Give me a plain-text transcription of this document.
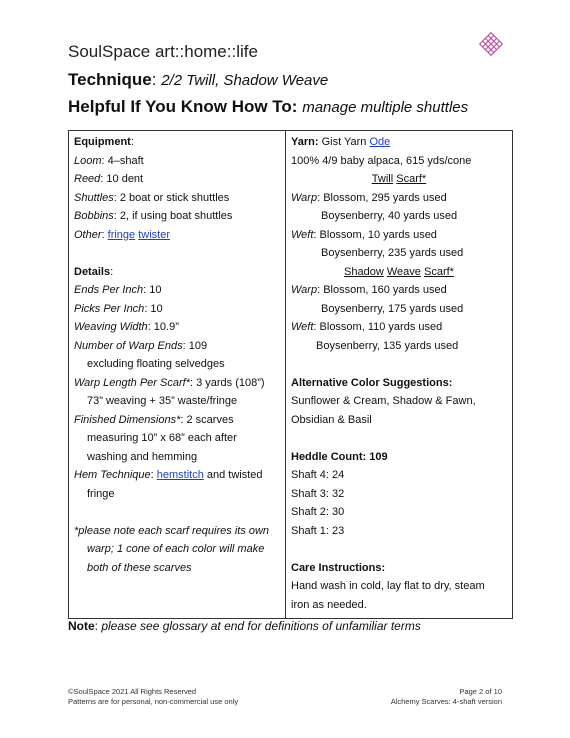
SoulSpace art::home::life
Technique: 2/2 Twill, Shadow Weave
Helpful If You Know How To: manage multiple shuttles
Equipment:
Loom: 4–shaft
Reed: 10 dent
Shuttles: 2 boat or stick shuttles
Bobbins: 2, if using boat shuttles
Other: fringe twister
Details:
Ends Per Inch: 10
Picks Per Inch: 10
Weaving Width: 10.9”
Number of Warp Ends: 109
excluding floating selvedges
Warp Length Per Scarf*: 3 yards (108”)
73” weaving + 35” waste/fringe
Finished Dimensions*: 2 scarves
measuring 10” x 68” each after
washing and hemming
Hem Technique: hemstitch and twisted
fringe
*please note each scarf requires its own
warp; 1 cone of each color will make
both of these scarves

Yarn: Gist Yarn Ode
100% 4/9 baby alpaca, 615 yds/cone
Twill Scarf*
Warp: Blossom, 295 yards used
Boysenberry, 40 yards used
Weft: Blossom, 10 yards used
Boysenberry, 235 yards used
Shadow Weave Scarf*
Warp: Blossom, 160 yards used
Boysenberry, 175 yards used
Weft: Blossom, 110 yards used
Boysenberry, 135 yards used
Alternative Color Suggestions:
Sunflower & Cream, Shadow & Fawn,
Obsidian & Basil
Heddle Count: 109
Shaft 4: 24
Shaft 3: 32
Shaft 2: 30
Shaft 1: 23
Care Instructions:
Hand wash in cold, lay flat to dry, steam
iron as needed.
Note: please see glossary at end for definitions of unfamiliar terms
©SoulSpace 2021 All Rights Reserved
Patterns are for personal, non-commercial use only
Page 2 of 10
Alchemy Scarves: 4-shaft version
